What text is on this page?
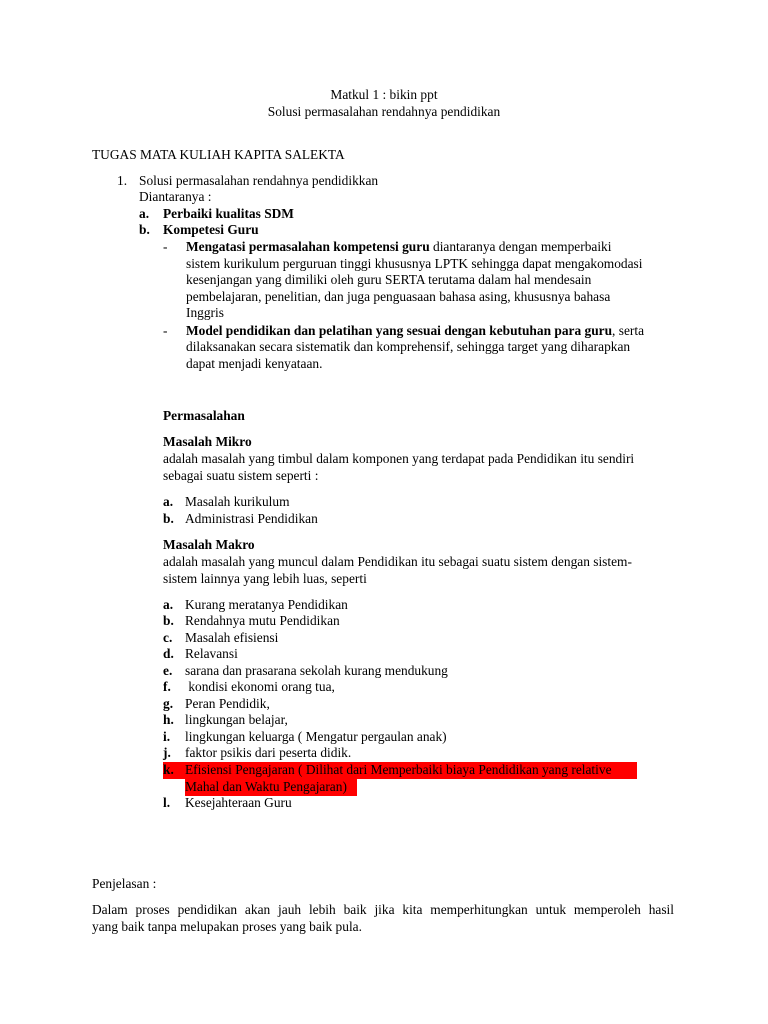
Matkul 1 : bikin ppt
Solusi permasalahan rendahnya pendidikan
TUGAS MATA KULIAH KAPITA SALEKTA
1. Solusi permasalahan rendahnya pendidikkan
Diantaranya :
a. Perbaiki kualitas SDM
b. Kompetesi Guru
- Mengatasi permasalahan kompetensi guru diantaranya dengan memperbaiki
sistem kurikulum perguruan tinggi khususnya LPTK sehingga dapat mengakomodasi
kesenjangan yang dimiliki oleh guru SERTA terutama dalam hal mendesain
pembelajaran, penelitian, dan juga penguasaan bahasa asing, khususnya bahasa
Inggris
- Model pendidikan dan pelatihan yang sesuai dengan kebutuhan para guru, serta
dilaksanakan secara sistematik dan komprehensif, sehingga target yang diharapkan
dapat menjadi kenyataan.
Permasalahan
Masalah Mikro
adalah masalah yang timbul dalam komponen yang terdapat pada Pendidikan itu sendiri
sebagai suatu sistem seperti :
a. Masalah kurikulum
b. Administrasi Pendidikan
Masalah Makro
adalah masalah yang muncul dalam Pendidikan itu sebagai suatu sistem dengan sistem-
sistem lainnya yang lebih luas, seperti
a. Kurang meratanya Pendidikan
b. Rendahnya mutu Pendidikan
c. Masalah efisiensi
d. Relavansi
e. sarana dan prasarana sekolah kurang mendukung
f. kondisi ekonomi orang tua,
g. Peran Pendidik,
h. lingkungan belajar,
i. lingkungan keluarga ( Mengatur pergaulan anak)
j. faktor psikis dari peserta didik.
k. Efisiensi Pengajaran ( Dilihat dari Memperbaiki biaya Pendidikan yang relative
Mahal dan Waktu Pengajaran)
l. Kesejahteraan Guru
Penjelasan :
Dalam proses pendidikan akan jauh lebih baik jika kita memperhitungkan untuk memperoleh hasil
yang baik tanpa melupakan proses yang baik pula.
